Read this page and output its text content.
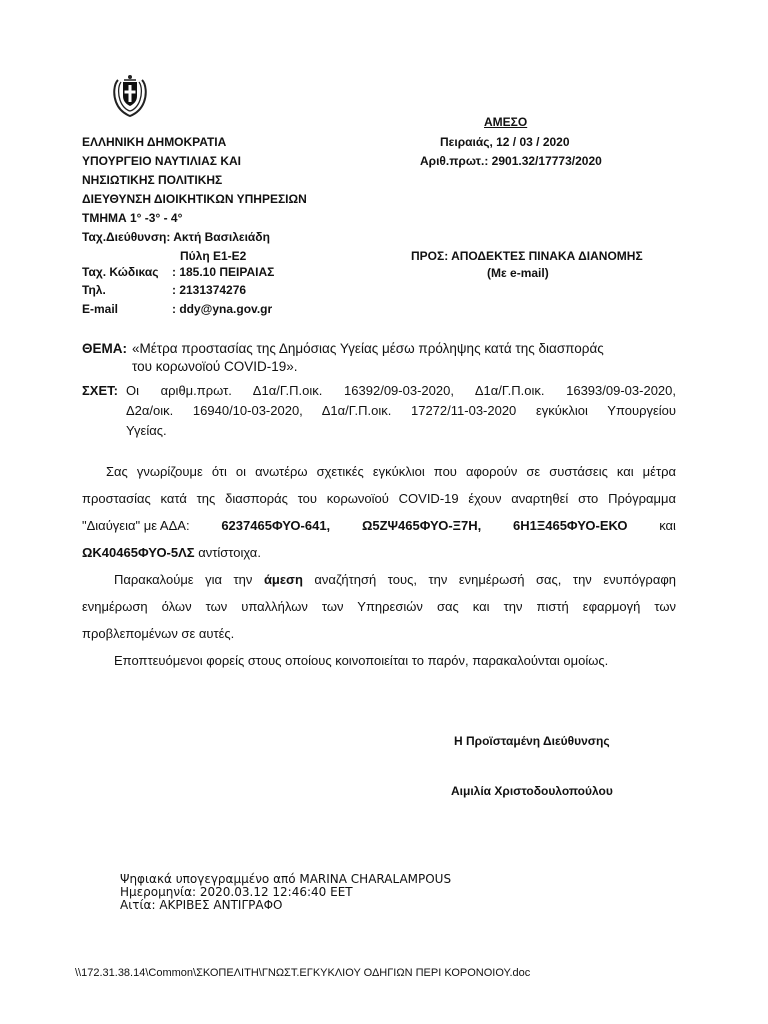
ΑΜΕΣΟ
Πειραιάς, 12 / 03 / 2020
Αριθ.πρωτ.: 2901.32/17773/2020
ΕΛΛΗΝΙΚΗ ΔΗΜΟΚΡΑΤΙΑ
ΥΠΟΥΡΓΕΙΟ ΝΑΥΤΙΛΙΑΣ ΚΑΙ
ΝΗΣΙΩΤΙΚΗΣ ΠΟΛΙΤΙΚΗΣ
ΔΙΕΥΘΥΝΣΗ ΔΙΟΙΚΗΤΙΚΩΝ ΥΠΗΡΕΣΙΩΝ
ΤΜΗΜΑ 1° -3° - 4°
Ταχ.Διεύθυνση: Ακτή Βασιλειάδη
Πύλη Ε1-Ε2
Ταχ. Κώδικας : 185.10 ΠΕΙΡΑΙΑΣ
Τηλ.	: 2131374276
E-mail	: ddy@yna.gov.gr
ΠΡΟΣ: ΑΠΟΔΕΚΤΕΣ ΠΙΝΑΚΑ ΔΙΑΝΟΜΗΣ
(Με e-mail)
ΘΕΜΑ: «Μέτρα προστασίας της Δημόσιας Υγείας μέσω πρόληψης κατά της διασποράς
του κορωνοϊού COVID-19».
ΣΧΕΤ: Οι αριθμ.πρωτ. Δ1α/Γ.Π.οικ. 16392/09-03-2020, Δ1α/Γ.Π.οικ. 16393/09-03-2020,
Δ2α/οικ. 16940/10-03-2020, Δ1α/Γ.Π.οικ. 17272/11-03-2020 εγκύκλιοι Υπουργείου
Υγείας.
Σας γνωρίζουμε ότι οι ανωτέρω σχετικές εγκύκλιοι που αφορούν σε συστάσεις και μέτρα
προστασίας κατά της διασποράς του κορωνοϊού COVID-19 έχουν αναρτηθεί στο Πρόγραμμα
"Διαύγεια" με ΑΔΑ: 6237465ΦΥΟ-641, Ω5ΖΨ465ΦΥΟ-Ξ7Η, 6Η1Ξ465ΦΥΟ-ΕΚΟ και
ΩΚ40465ΦΥΟ-5ΛΣ αντίστοιχα.
Παρακαλούμε για την άμεση αναζήτησή τους, την ενημέρωσή σας, την ενυπόγραφη
ενημέρωση όλων των υπαλλήλων των Υπηρεσιών σας και την πιστή εφαρμογή των
προβλεπομένων σε αυτές.
Εποπτευόμενοι φορείς στους οποίους κοινοποιείται το παρόν, παρακαλούνται ομοίως.
Η Προϊσταμένη Διεύθυνσης
Αιμιλία Χριστοδουλοπούλου
Ψηφιακά υπογεγραμμένο από MARINA CHARALAMPOUS
Ημερομηνία: 2020.03.12 12:46:40 EET
Αιτία: ΑΚΡΙΒΕΣ ΑΝΤΙΓΡΑΦΟ
\\172.31.38.14\Common\ΣΚΟΠΕΛΙΤΗ\ΓΝΩΣΤ.ΕΓΚΥΚΛΙΟΥ ΟΔΗΓΙΩΝ ΠΕΡΙ ΚΟΡΟΝΟΙΟΥ.doc
